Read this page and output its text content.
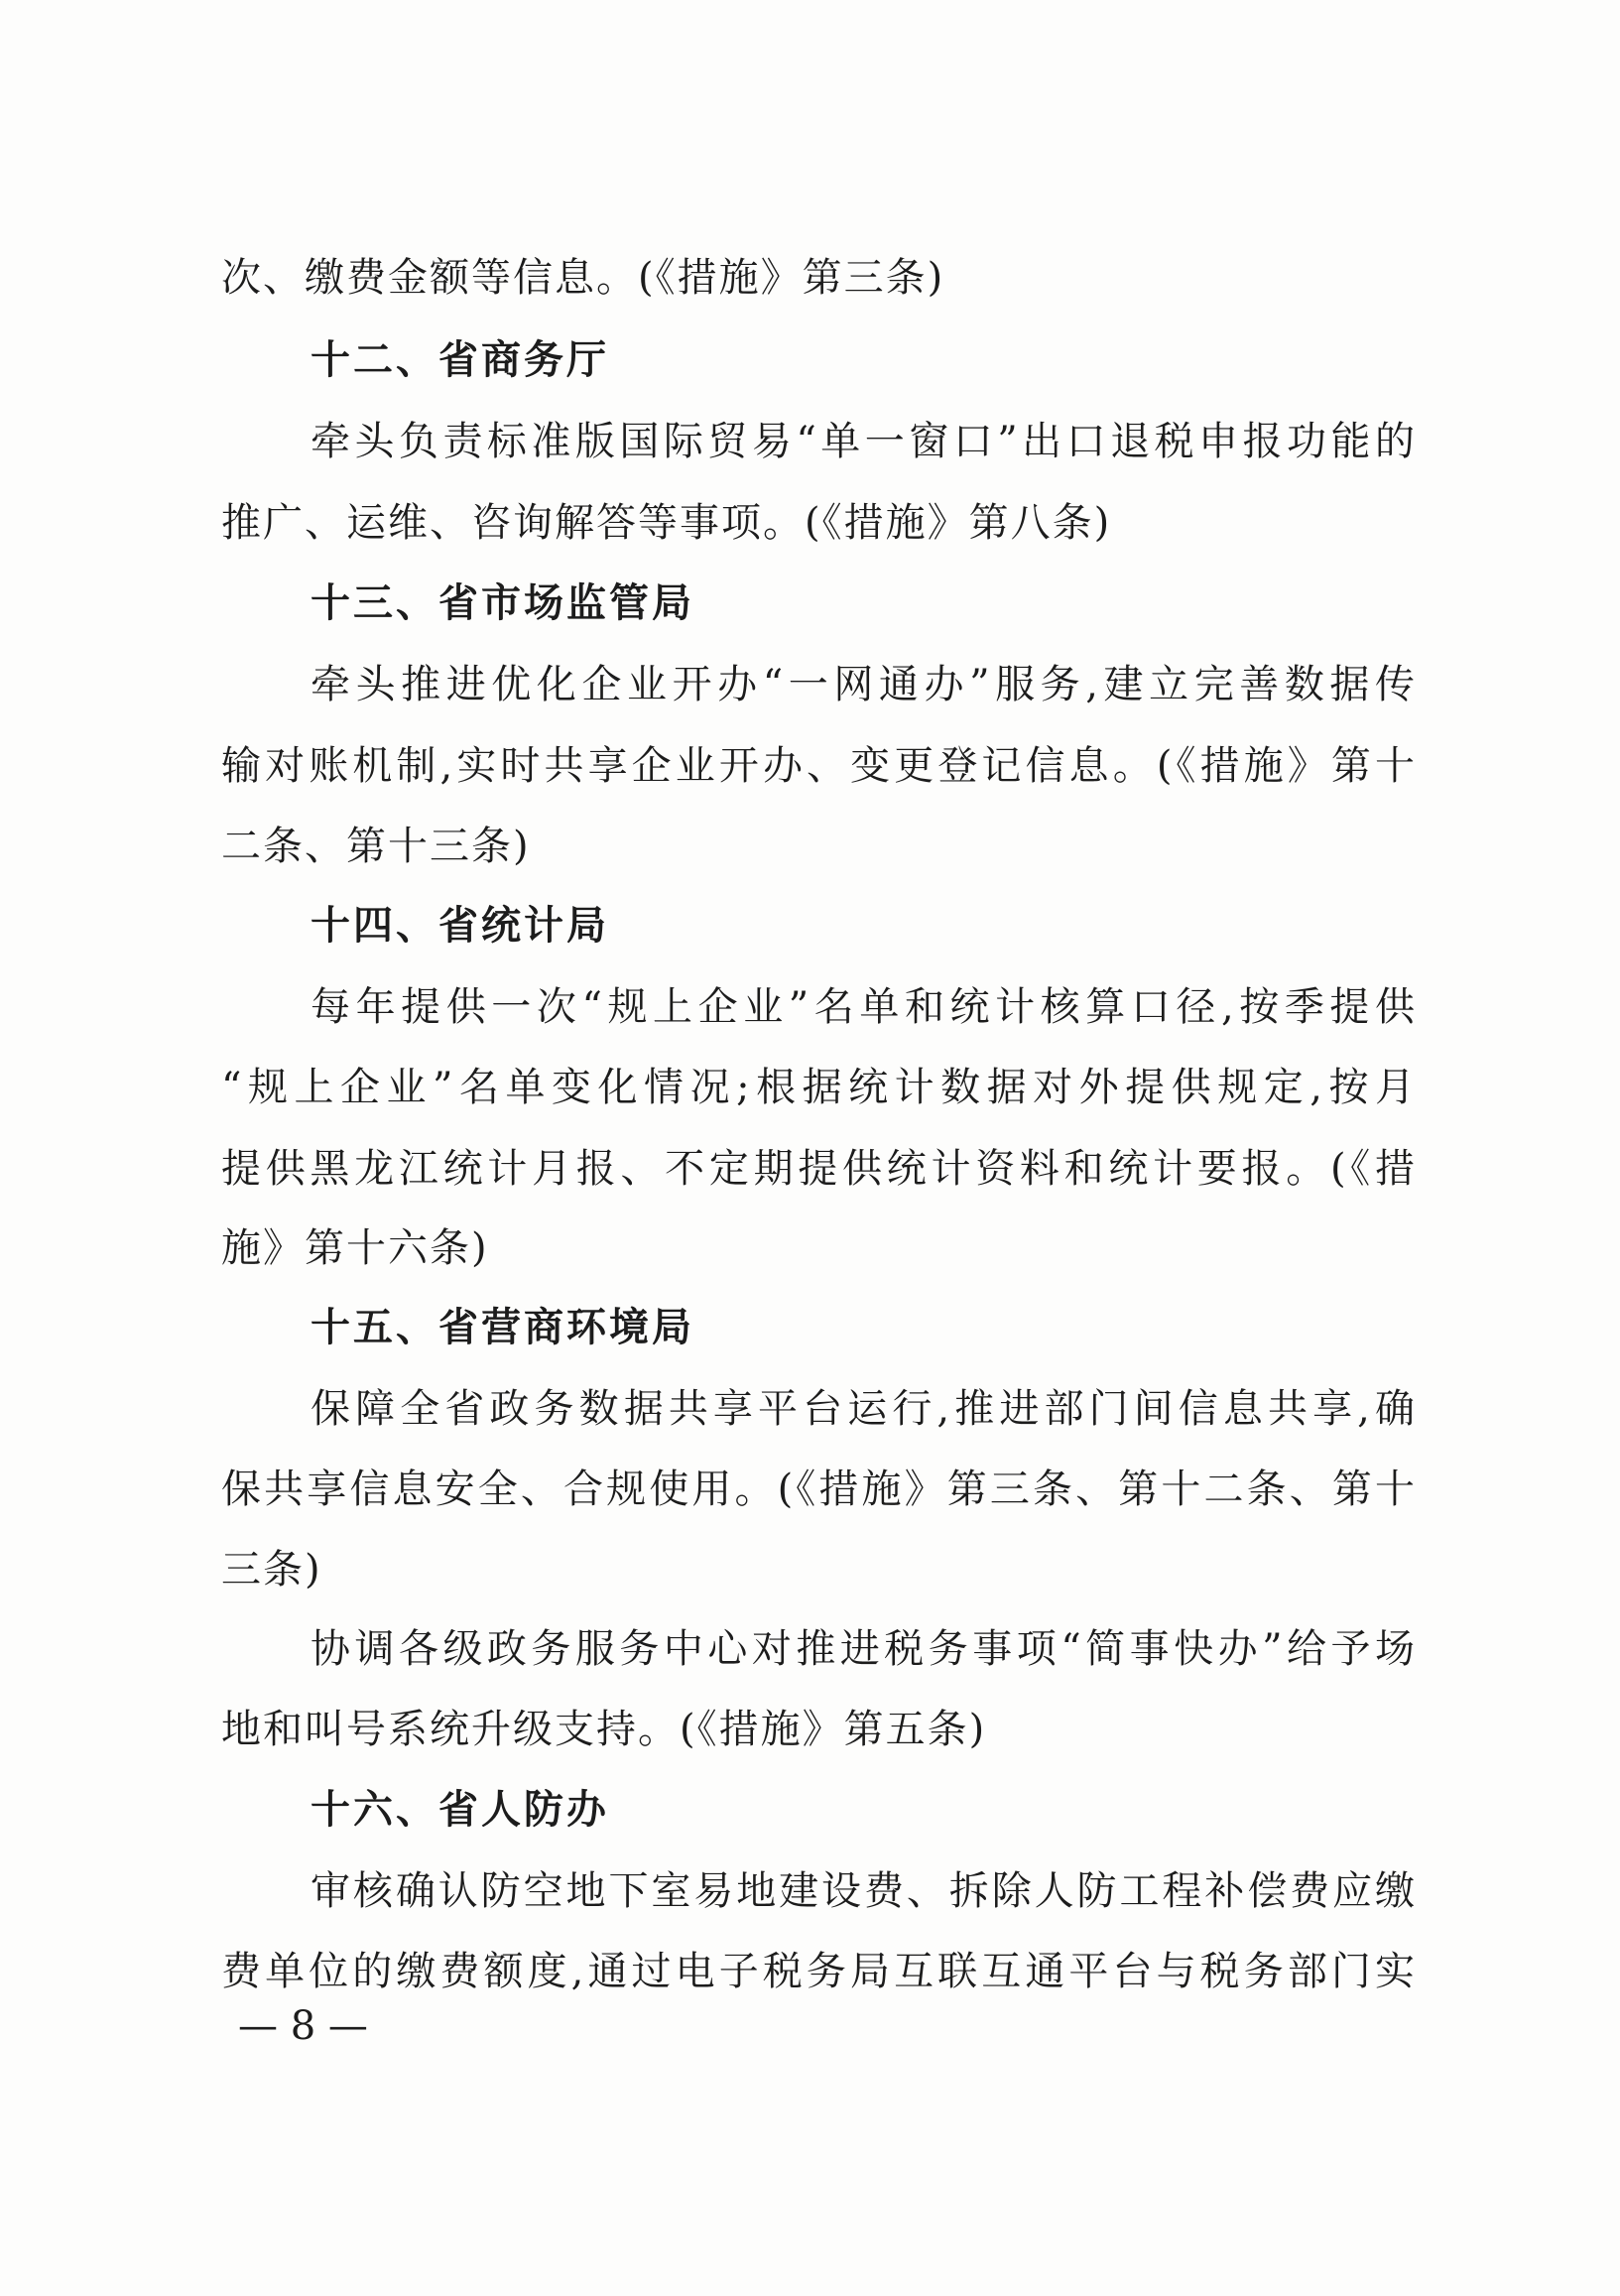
次、缴费金额等信息。(《措施》第三条)
十二、省商务厅
牵头负责标准版国际贸易“单一窗口”出口退税申报功能的
推广、运维、咨询解答等事项。(《措施》第八条)
十三、省市场监管局
牵头推进优化企业开办“一网通办”服务,建立完善数据传
输对账机制,实时共享企业开办、变更登记信息。(《措施》第十
二条、第十三条)
十四、省统计局
每年提供一次“规上企业”名单和统计核算口径,按季提供
“规上企业”名单变化情况;根据统计数据对外提供规定,按月
提供黑龙江统计月报、不定期提供统计资料和统计要报。(《措
施》第十六条)
十五、省营商环境局
保障全省政务数据共享平台运行,推进部门间信息共享,确
保共享信息安全、合规使用。(《措施》第三条、第十二条、第十
三条)
协调各级政务服务中心对推进税务事项“简事快办”给予场
地和叫号系统升级支持。(《措施》第五条)
十六、省人防办
审核确认防空地下室易地建设费、拆除人防工程补偿费应缴
费单位的缴费额度,通过电子税务局互联互通平台与税务部门实
— 8 —
